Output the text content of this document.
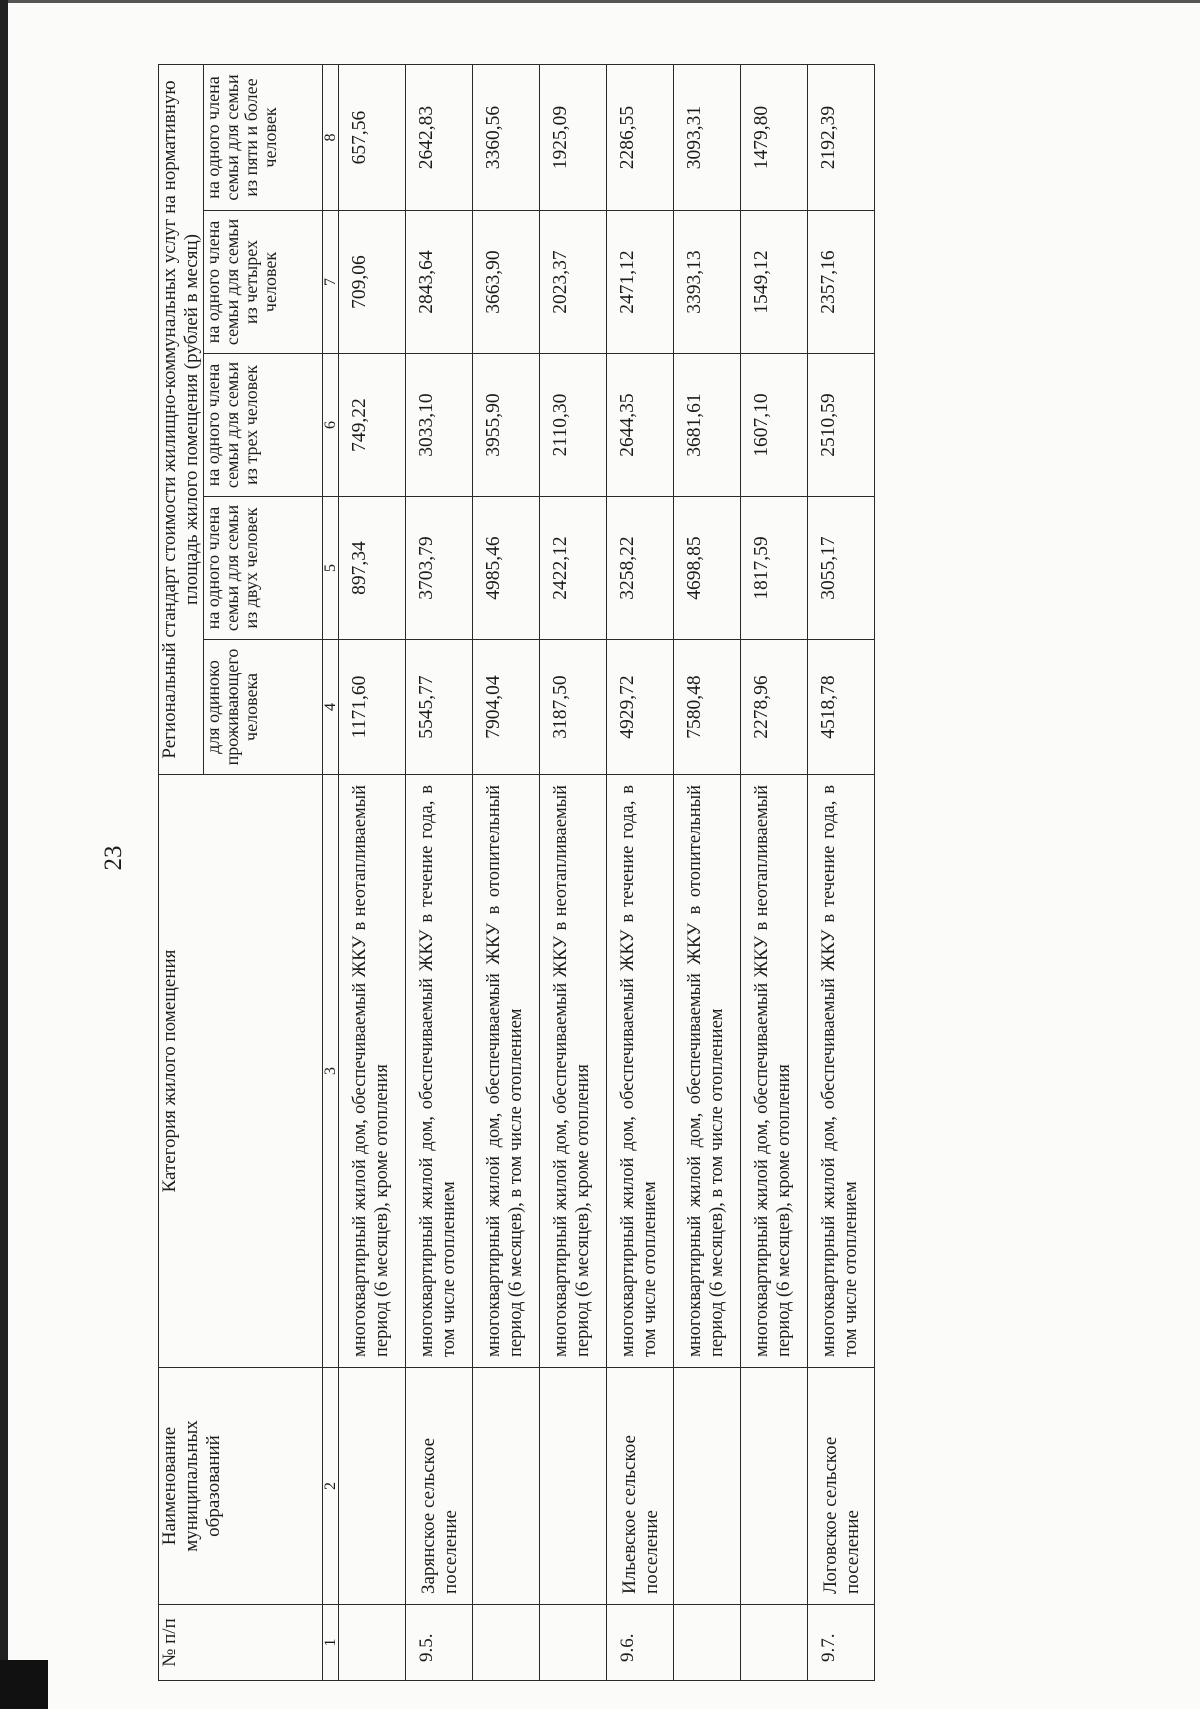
23
№ п/п	Наименование муниципальных образований	Категория жилого помещения	Региональный стандарт стоимости жилищно-коммунальных услуг на нормативную площадь жилого помещения (рублей в месяц)				
			для одиноко проживающего человека	на одного члена семьи для семьи из двух человек	на одного члена семьи для семьи из трех человек	на одного члена семьи для семьи из четырех человек	на одного члена семьи для семьи из пяти и более человек
1	2	3	4	5	6	7	8
		многоквартирный жилой дом, обеспечиваемый ЖКУ в неотапливаемый период (6 месяцев), кроме отопления	1171,60	897,34	749,22	709,06	657,56
9.5.	Зарянское сельское поселение	многоквартирный жилой дом, обеспечиваемый ЖКУ в течение года, в том числе отоплением	5545,77	3703,79	3033,10	2843,64	2642,83
		многоквартирный жилой дом, обеспечиваемый ЖКУ в отопительный период (6 месяцев), в том числе отоплением	7904,04	4985,46	3955,90	3663,90	3360,56
		многоквартирный жилой дом, обеспечиваемый ЖКУ в неотапливаемый период (6 месяцев), кроме отопления	3187,50	2422,12	2110,30	2023,37	1925,09
9.6.	Ильевское сельское поселение	многоквартирный жилой дом, обеспечиваемый ЖКУ в течение года, в том числе отоплением	4929,72	3258,22	2644,35	2471,12	2286,55
		многоквартирный жилой дом, обеспечиваемый ЖКУ в отопительный период (6 месяцев), в том числе отоплением	7580,48	4698,85	3681,61	3393,13	3093,31
		многоквартирный жилой дом, обеспечиваемый ЖКУ в неотапливаемый период (6 месяцев), кроме отопления	2278,96	1817,59	1607,10	1549,12	1479,80
9.7.	Логовское сельское поселение	многоквартирный жилой дом, обеспечиваемый ЖКУ в течение года, в том числе отоплением	4518,78	3055,17	2510,59	2357,16	2192,39
